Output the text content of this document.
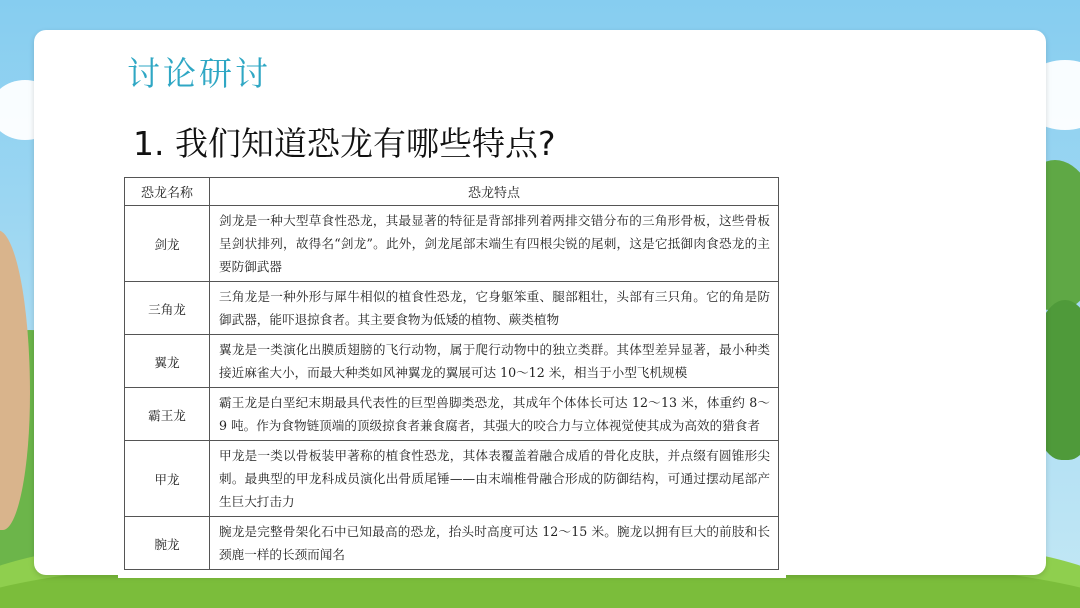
讨论研讨
1. 我们知道恐龙有哪些特点?
恐龙名称	恐龙特点
剑龙	剑龙是一种大型草食性恐龙，其最显著的特征是背部排列着两排交错分布的三角形骨板，这些骨板呈剑状排列，故得名“剑龙”。此外，剑龙尾部末端生有四根尖锐的尾刺，这是它抵御肉食恐龙的主要防御武器
三角龙	三角龙是一种外形与犀牛相似的植食性恐龙，它身躯笨重、腿部粗壮，头部有三只角。它的角是防御武器，能吓退掠食者。其主要食物为低矮的植物、蕨类植物
翼龙	翼龙是一类演化出膜质翅膀的飞行动物，属于爬行动物中的独立类群。其体型差异显著，最小种类接近麻雀大小，而最大种类如风神翼龙的翼展可达 10～12 米，相当于小型飞机规模
霸王龙	霸王龙是白垩纪末期最具代表性的巨型兽脚类恐龙，其成年个体体长可达 12～13 米，体重约 8～9 吨。作为食物链顶端的顶级掠食者兼食腐者，其强大的咬合力与立体视觉使其成为高效的猎食者
甲龙	甲龙是一类以骨板装甲著称的植食性恐龙，其体表覆盖着融合成盾的骨化皮肤，并点缀有圆锥形尖刺。最典型的甲龙科成员演化出骨质尾锤——由末端椎骨融合形成的防御结构，可通过摆动尾部产生巨大打击力
腕龙	腕龙是完整骨架化石中已知最高的恐龙，抬头时高度可达 12～15 米。腕龙以拥有巨大的前肢和长颈鹿一样的长颈而闻名
